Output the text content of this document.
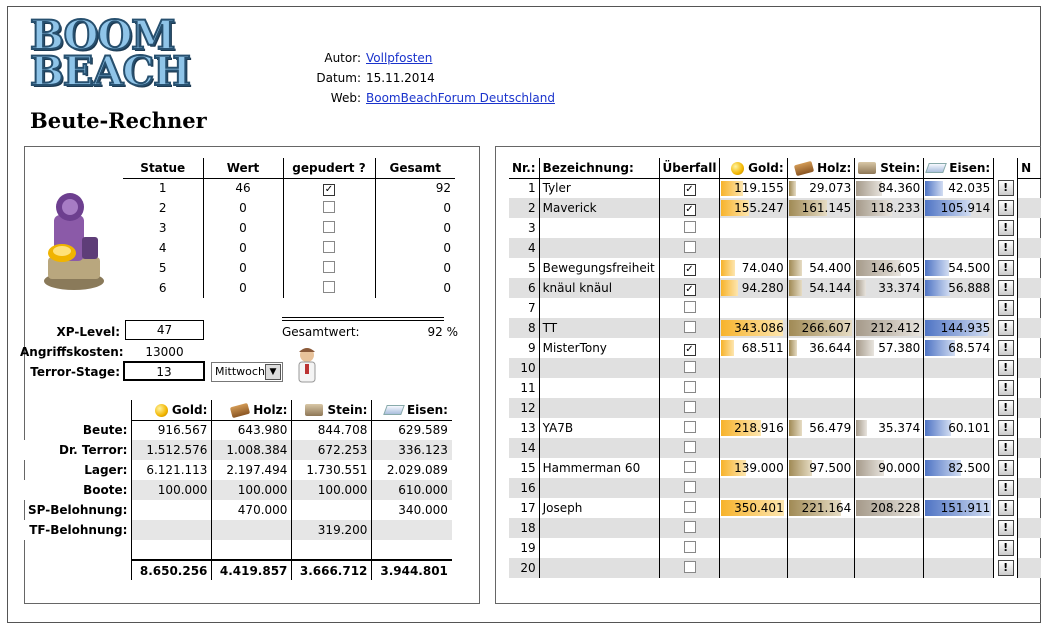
BOOM
BEACH
Beute-Rechner
Autor: Vollpfosten
Datum: 15.11.2014
Web: BoomBeachForum Deutschland
Statue	Wert	gepudert ?	Gesamt
1	46	✓	92
2	0		0
3	0		0
4	0		0
5	0		0
6	0		0
XP-Level:	47	Gesamtwert:	92 %
Angriffskosten:	13000
Terror-Stage:	13	Mittwoch ▼
	Gold:	Holz:	Stein:	Eisen:
Beute:	916.567	643.980	844.708	629.589
Dr. Terror:	1.512.576	1.008.384	672.253	336.123
Lager:	6.121.113	2.197.494	1.730.551	2.029.089
Boote:	100.000	100.000	100.000	610.000
SP-Belohnung:		470.000		340.000
TF-Belohnung:			319.200	

	8.650.256	4.419.857	3.666.712	3.944.801
Nr.:	Bezeichnung:	Überfall	Gold:	Holz:	Stein:	Eisen:		N
1	Tyler	✓	119.155	29.073	84.360	42.035	!	
2	Maverick	✓	155.247	161.145	118.233	105.914	!	
3							!	
4							!	
5	Bewegungsfreiheit	✓	74.040	54.400	146.605	54.500	!	
6	knäul knäul	✓	94.280	54.144	33.374	56.888	!	
7							!	
8	TT		343.086	266.607	212.412	144.935	!	
9	MisterTony	✓	68.511	36.644	57.380	68.574	!	
10							!	
11							!	
12							!	
13	YA7B		218.916	56.479	35.374	60.101	!	
14							!	
15	Hammerman 60		139.000	97.500	90.000	82.500	!	
16							!	
17	Joseph		350.401	221.164	208.228	151.911	!	
18							!	
19							!	
20							!	
